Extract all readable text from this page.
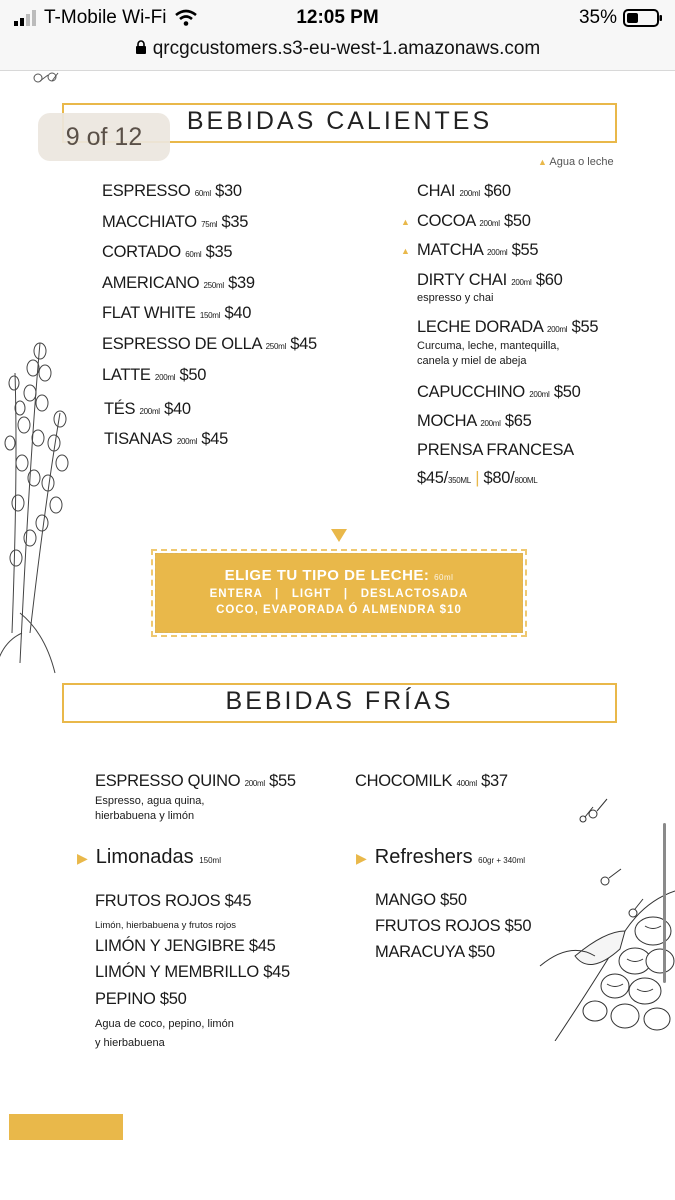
T-Mobile Wi-Fi	12:05 PM	35%
qrcgcustomers.s3-eu-west-1.amazonaws.com
BEBIDAS CALIENTES
9 of 12
▲ Agua o leche
ESPRESSO 60ml $30
MACCHIATO 75ml $35
CORTADO 60ml $35
AMERICANO 250ml $39
FLAT WHITE 150ml $40
ESPRESSO DE OLLA 250ml $45
LATTE 200ml $50
TÉS 200ml $40
TISANAS 200ml $45
CHAI 200ml $60
▲ COCOA 200ml $50
▲ MATCHA 200ml $55
DIRTY CHAI 200ml $60
espresso y chai
LECHE DORADA 200ml $55
Curcuma, leche, mantequilla,
canela y miel de abeja
CAPUCCHINO 200ml $50
MOCHA 200ml $65
PRENSA FRANCESA
$45/350ML | $80/800ML
ELIGE TU TIPO DE LECHE: 60ml
ENTERA   |   LIGHT   |   DESLACTOSADA
COCO, EVAPORADA Ó ALMENDRA $10
BEBIDAS FRÍAS
ESPRESSO QUINO 200ml $55
Espresso, agua quina,
hierbabuena y limón
CHOCOMILK 400ml $37
▶ Limonadas 150ml
FRUTOS ROJOS $45
Limón, hierbabuena y frutos rojos
LIMÓN Y JENGIBRE $45
LIMÓN Y MEMBRILLO $45
PEPINO $50
Agua de coco, pepino, limón
y hierbabuena
▶ Refreshers 60gr + 340ml
MANGO $50
FRUTOS ROJOS $50
MARACUYA $50
